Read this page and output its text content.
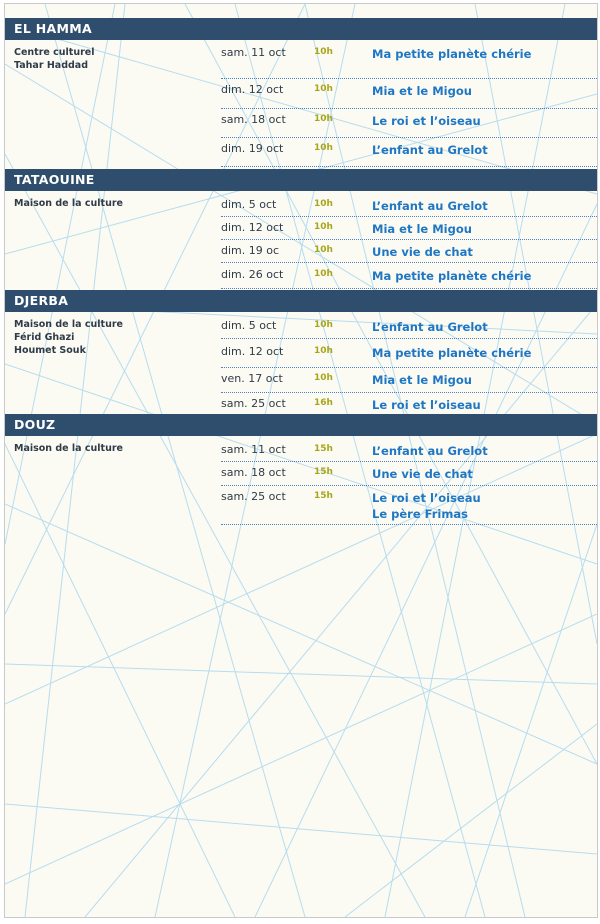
EL HAMMA
Centre culturel
Tahar Haddad
sam. 11 oct	10h	Ma petite planète chérie
dim. 12 oct	10h	Mia et le Migou
sam. 18 oct	10h	Le roi et l’oiseau
dim. 19 oct	10h	L’enfant au Grelot
TATAOUINE
Maison de la culture	dim. 5 oct	10h	L’enfant au Grelot
dim. 12 oct	10h	Mia et le Migou
dim. 19 oc	10h	Une vie de chat
dim. 26 oct	10h	Ma petite planète chérie
DJERBA
Maison de la culture
Férid Ghazi
Houmet Souk
dim. 5 oct	10h	L’enfant au Grelot
dim. 12 oct	10h	Ma petite planète chérie
ven. 17 oct	10h	Mia et le Migou
sam. 25 oct	16h	Le roi et l’oiseau
DOUZ
Maison de la culture	sam. 11 oct	15h	L’enfant au Grelot
sam. 18 oct	15h	Une vie de chat
sam. 25 oct	15h	Le roi et l’oiseau
Le père Frimas
